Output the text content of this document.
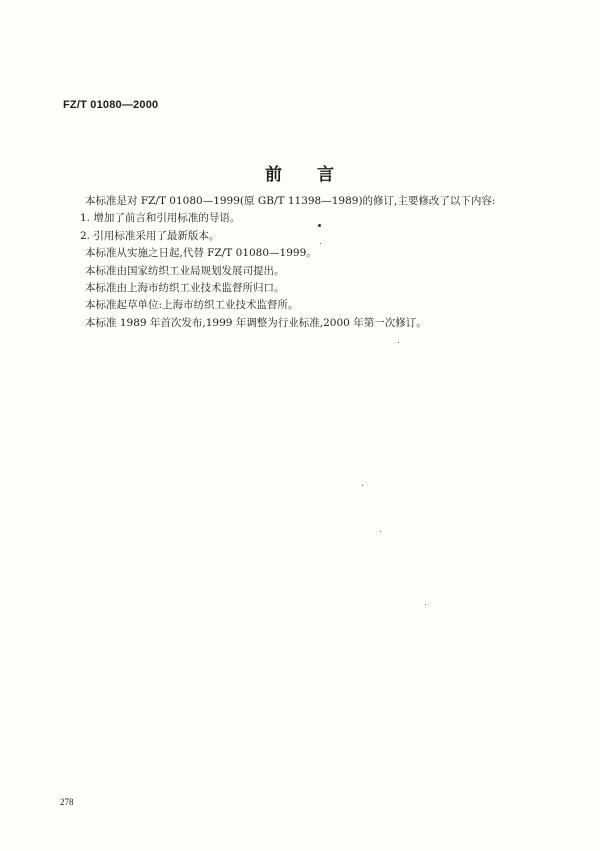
FZ/T 01080—2000
前 言
本标准是对 FZ/T 01080—1999(原 GB/T 11398—1989)的修订,主要修改了以下内容:
1. 增加了前言和引用标准的导语。
2. 引用标准采用了最新版本。
本标准从实施之日起,代替 FZ/T 01080—1999。
本标准由国家纺织工业局规划发展司提出。
本标准由上海市纺织工业技术监督所归口。
本标准起草单位:上海市纺织工业技术监督所。
本标准 1989 年首次发布,1999 年调整为行业标准,2000 年第一次修订。
278
